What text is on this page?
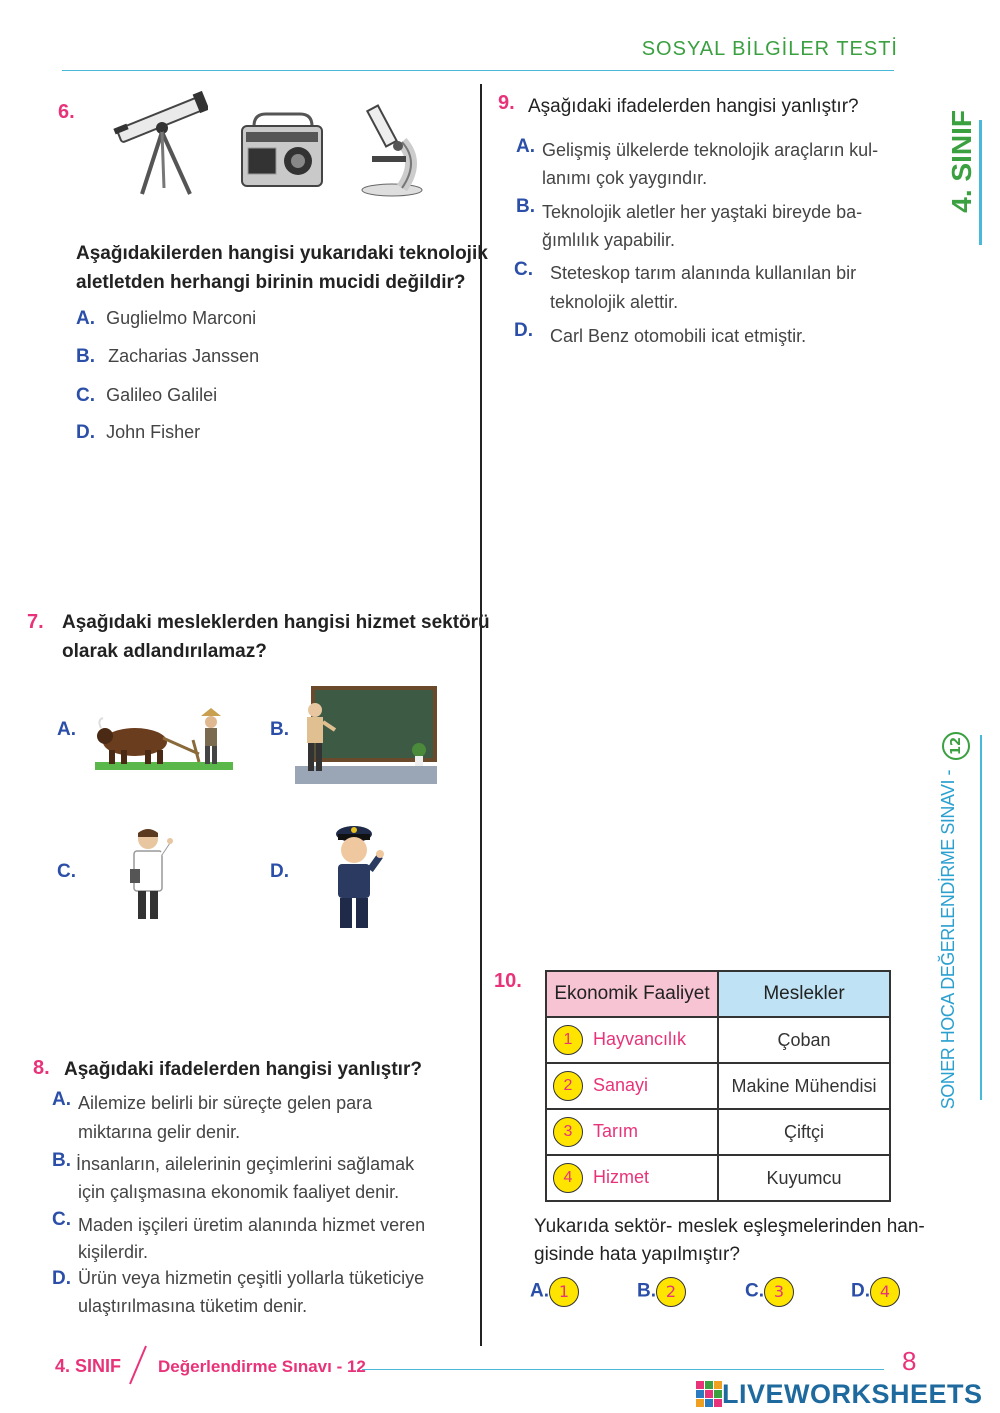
SOSYAL BİLGİLER TESTİ
4. SINIF
SONER HOCA DEĞERLENDİRME SINAVI -
12
6.
Aşağıdakilerden hangisi yukarıdaki teknolojik
aletletden herhangi birinin mucidi değildir?
A. Guglielmo Marconi
B. Zacharias Janssen
C. Galileo Galilei
D. John Fisher
7. Aşağıdaki mesleklerden hangisi hizmet sektörü
olarak adlandırılamaz?
A.	B.
C.	D.
8. Aşağıdaki ifadelerden hangisi yanlıştır?
A. Ailemize belirli bir süreçte gelen para
miktarına gelir denir.
B. İnsanların, ailelerinin geçimlerini sağlamak
için çalışmasına ekonomik faaliyet denir.
C. Maden işçileri üretim alanında hizmet veren
kişilerdir.
D. Ürün veya hizmetin çeşitli yollarla tüketiciye
ulaştırılmasına tüketim denir.
9. Aşağıdaki ifadelerden hangisi yanlıştır?
A. Gelişmiş ülkelerde teknolojik araçların kul-
lanımı çok yaygındır.
B. Teknolojik aletler her yaştaki bireyde ba-
ğımlılık yapabilir.
C. Steteskop tarım alanında kullanılan bir
teknolojik alettir.
D. Carl Benz otomobili icat etmiştir.
10.
Ekonomik Faaliyet	Meslekler
1 Hayvancılık	Çoban
2 Sanayi	Makine Mühendisi
3 Tarım	Çiftçi
4 Hizmet	Kuyumcu
Yukarıda sektör- meslek eşleşmelerinden han-
gisinde hata yapılmıştır?
A. 1	B. 2	C. 3	D. 4
4. SINIF Değerlendirme Sınavı - 12	8
LIVEWORKSHEETS
